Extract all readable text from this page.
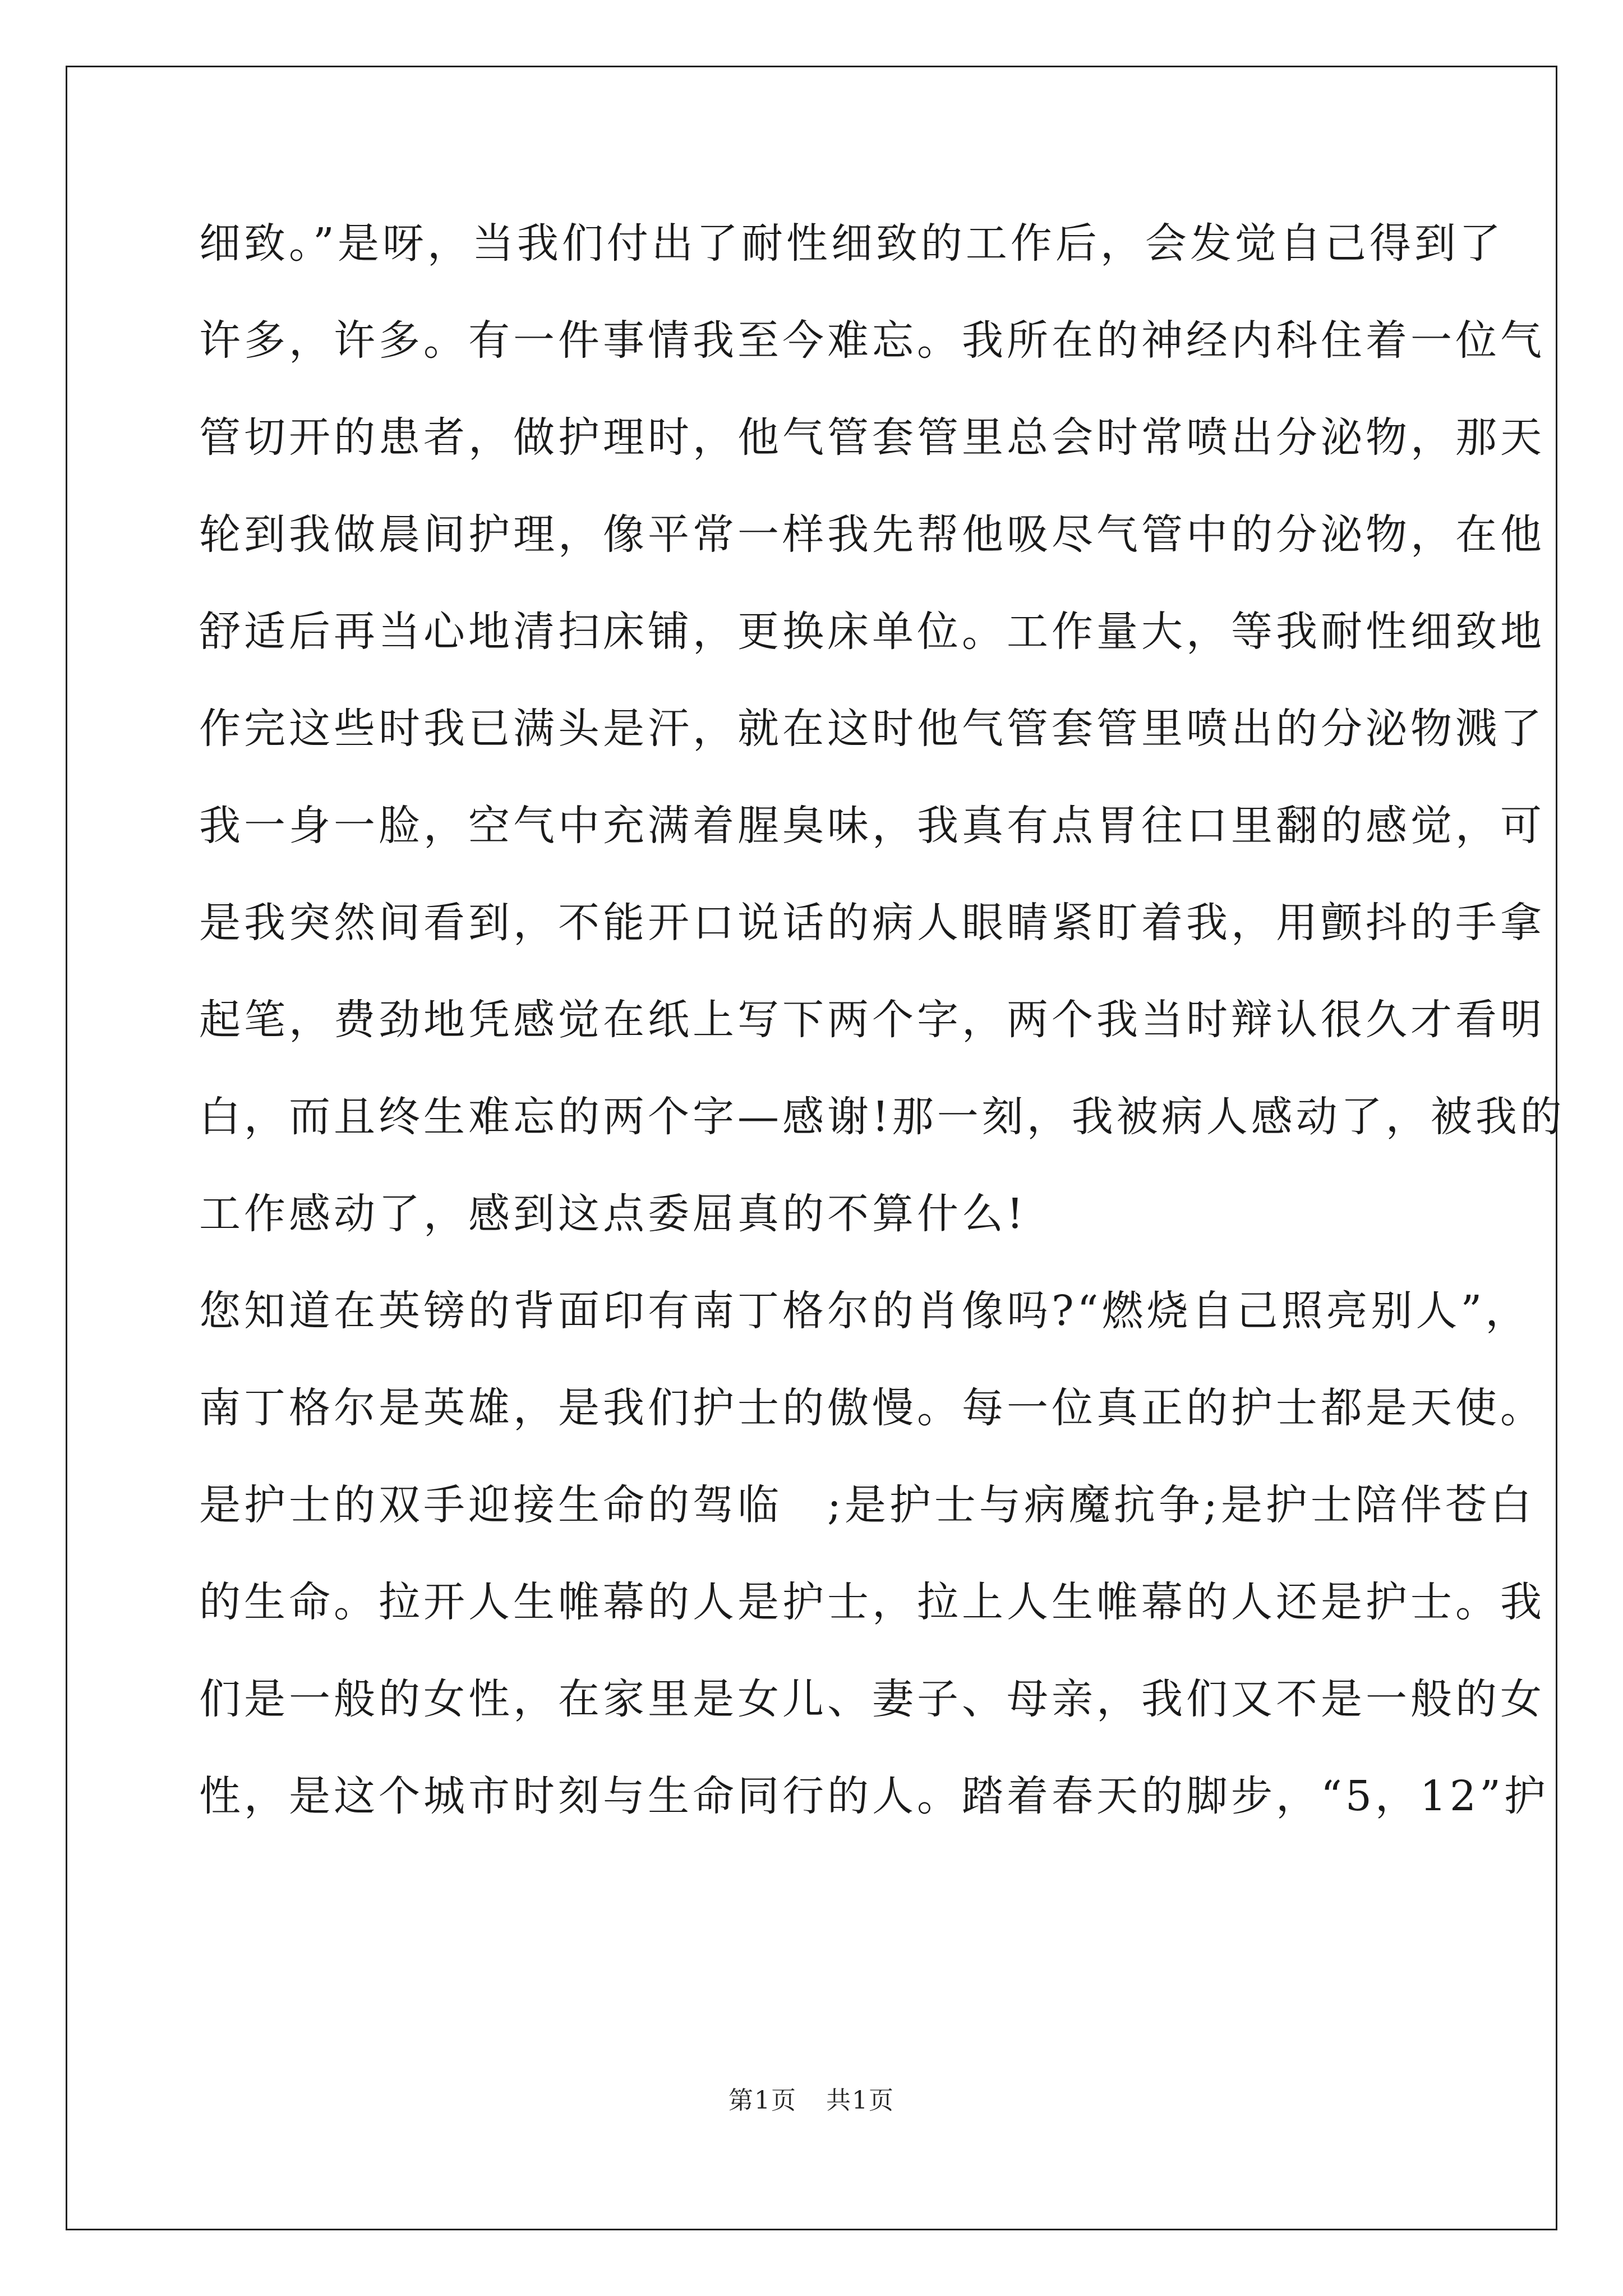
细致。”是呀，当我们付出了耐性细致的工作后，会发觉自己得到了
许多，许多。有一件事情我至今难忘。我所在的神经内科住着一位气
管切开的患者，做护理时，他气管套管里总会时常喷出分泌物，那天
轮到我做晨间护理，像平常一样我先帮他吸尽气管中的分泌物，在他
舒适后再当心地清扫床铺，更换床单位。工作量大，等我耐性细致地
作完这些时我已满头是汗，就在这时他气管套管里喷出的分泌物溅了
我一身一脸，空气中充满着腥臭味，我真有点胃往口里翻的感觉，可
是我突然间看到，不能开口说话的病人眼睛紧盯着我，用颤抖的手拿
起笔，费劲地凭感觉在纸上写下两个字，两个我当时辩认很久才看明
白，而且终生难忘的两个字—感谢!那一刻，我被病人感动了，被我的
工作感动了，感到这点委屈真的不算什么!
您知道在英镑的背面印有南丁格尔的肖像吗?“燃烧自己照亮别人”，
南丁格尔是英雄，是我们护士的傲慢。每一位真正的护士都是天使。
是护士的双手迎接生命的驾临　;是护士与病魔抗争;是护士陪伴苍白
的生命。拉开人生帷幕的人是护士，拉上人生帷幕的人还是护士。我
们是一般的女性，在家里是女儿、妻子、母亲，我们又不是一般的女
性，是这个城市时刻与生命同行的人。踏着春天的脚步，“5，12”护
第1页 共1页
